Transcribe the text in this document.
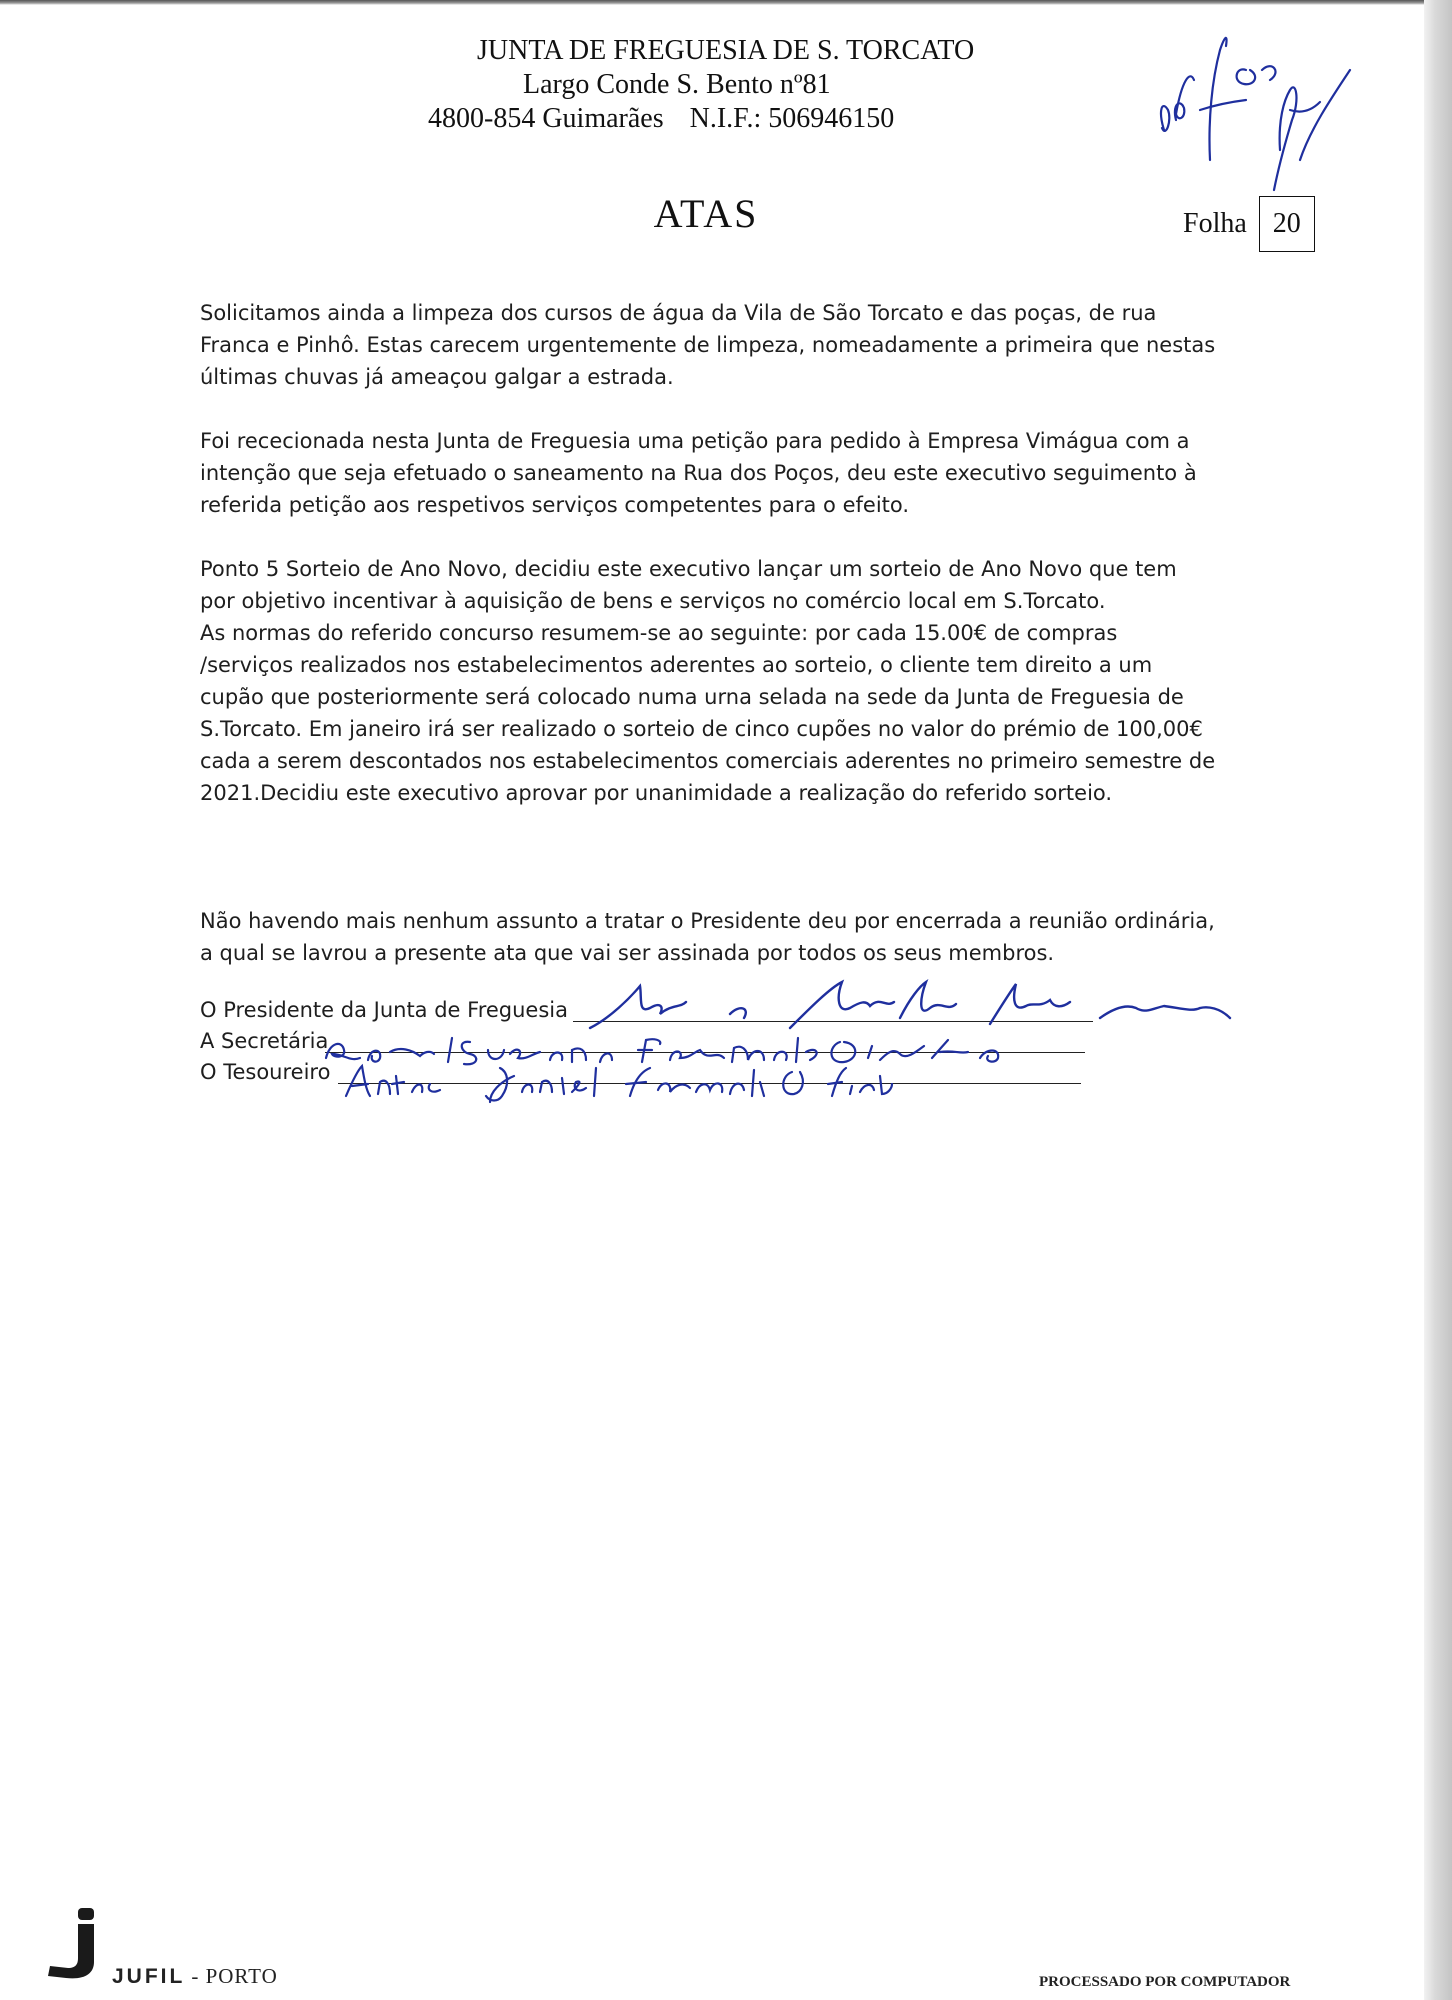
JUNTA DE FREGUESIA DE S. TORCATO
Largo Conde S. Bento nº81
4800-854 Guimarães N.I.F.: 506946150
ATAS	Folha 20

Solicitamos ainda a limpeza dos cursos de água da Vila de São Torcato e das poças, de rua
Franca e Pinhô. Estas carecem urgentemente de limpeza, nomeadamente a primeira que nestas
últimas chuvas já ameaçou galgar a estrada.

Foi rececionada nesta Junta de Freguesia uma petição para pedido à Empresa Vimágua com a
intenção que seja efetuado o saneamento na Rua dos Poços, deu este executivo seguimento à
referida petição aos respetivos serviços competentes para o efeito.

Ponto 5 Sorteio de Ano Novo, decidiu este executivo lançar um sorteio de Ano Novo que tem
por objetivo incentivar à aquisição de bens e serviços no comércio local em S.Torcato.
As normas do referido concurso resumem-se ao seguinte: por cada 15.00€ de compras
/serviços realizados nos estabelecimentos aderentes ao sorteio, o cliente tem direito a um
cupão que posteriormente será colocado numa urna selada na sede da Junta de Freguesia de
S.Torcato. Em janeiro irá ser realizado o sorteio de cinco cupões no valor do prémio de 100,00€
cada a serem descontados nos estabelecimentos comerciais aderentes no primeiro semestre de
2021.Decidiu este executivo aprovar por unanimidade a realização do referido sorteio.

Não havendo mais nenhum assunto a tratar o Presidente deu por encerrada a reunião ordinária,
a qual se lavrou a presente ata que vai ser assinada por todos os seus membros.

O Presidente da Junta de Freguesia
A Secretária
O Tesoureiro
JUFIL - PORTO	PROCESSADO POR COMPUTADOR
